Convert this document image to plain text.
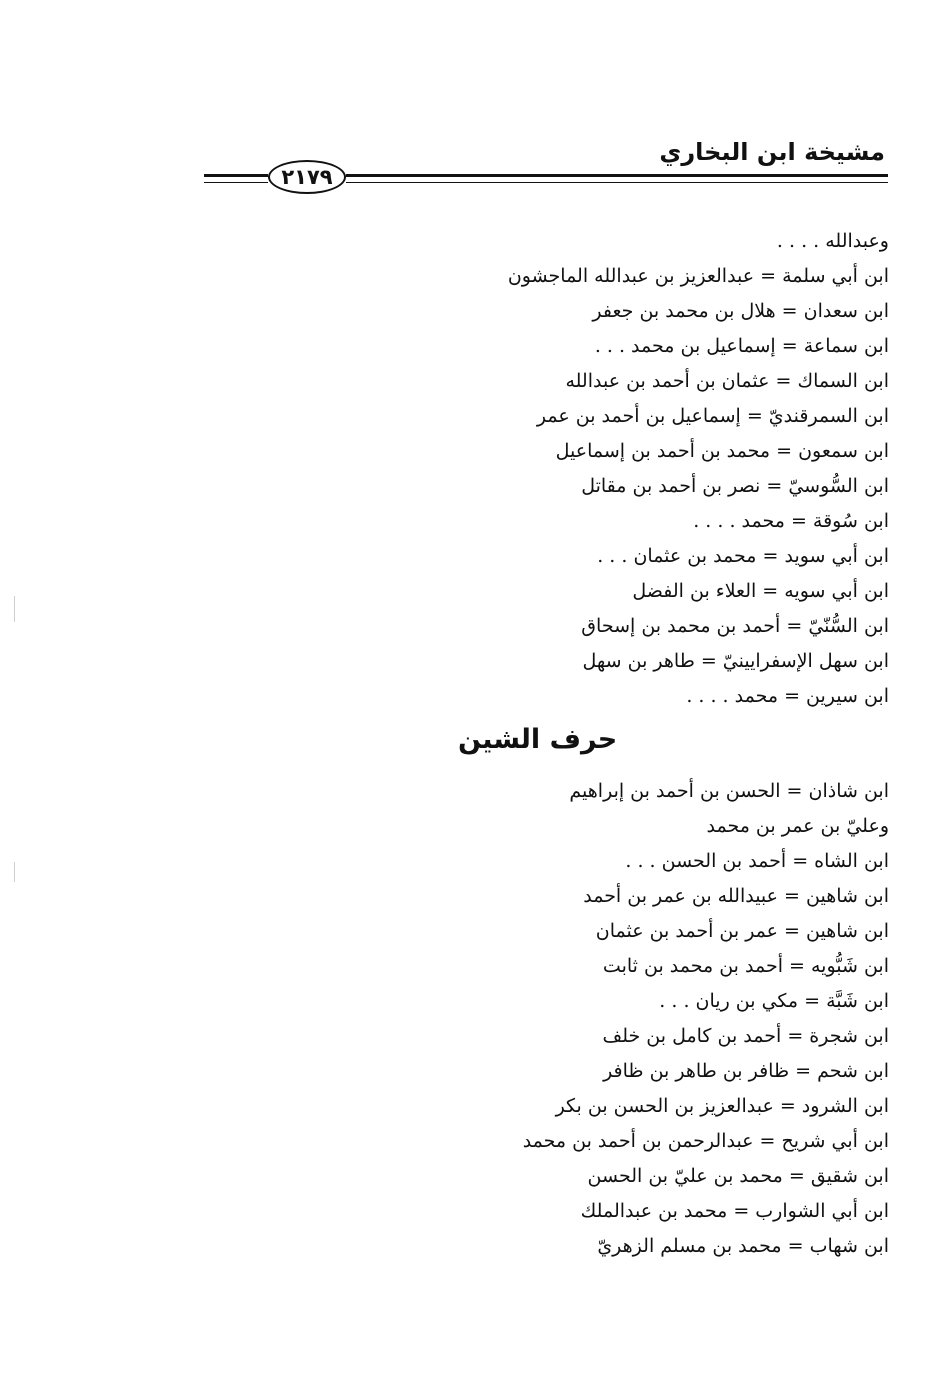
مشيخة ابن البخاري
٢١٧٩
وعبدالله . . . .
ابن أبي سلمة = عبدالعزيز بن عبدالله الماجشون
ابن سعدان = هلال بن محمد بن جعفر
ابن سماعة = إسماعيل بن محمد . . .
ابن السماك = عثمان بن أحمد بن عبدالله
ابن السمرقنديّ = إسماعيل بن أحمد بن عمر
ابن سمعون = محمد بن أحمد بن إسماعيل
ابن السُّوسيّ = نصر بن أحمد بن مقاتل
ابن سُوقة = محمد . . . .
ابن أبي سويد = محمد بن عثمان . . .
ابن أبي سويه = العلاء بن الفضل
ابن السُّنّيّ = أحمد بن محمد بن إسحاق
ابن سهل الإسفرايينيّ = طاهر بن سهل
ابن سيرين = محمد . . . .
حرف الشين
ابن شاذان = الحسن بن أحمد بن إبراهيم
وعليّ بن عمر بن محمد
ابن الشاه = أحمد بن الحسن . . .
ابن شاهين = عبيدالله بن عمر بن أحمد
ابن شاهين = عمر بن أحمد بن عثمان
ابن شَبُّويه = أحمد بن محمد بن ثابت
ابن شَبَّة = مكي بن ريان . . .
ابن شجرة = أحمد بن كامل بن خلف
ابن شحم = ظافر بن طاهر بن ظافر
ابن الشرود = عبدالعزيز بن الحسن بن بكر
ابن أبي شريح = عبدالرحمن بن أحمد بن محمد
ابن شقيق = محمد بن عليّ بن الحسن
ابن أبي الشوارب = محمد بن عبدالملك
ابن شهاب = محمد بن مسلم الزهريّ
